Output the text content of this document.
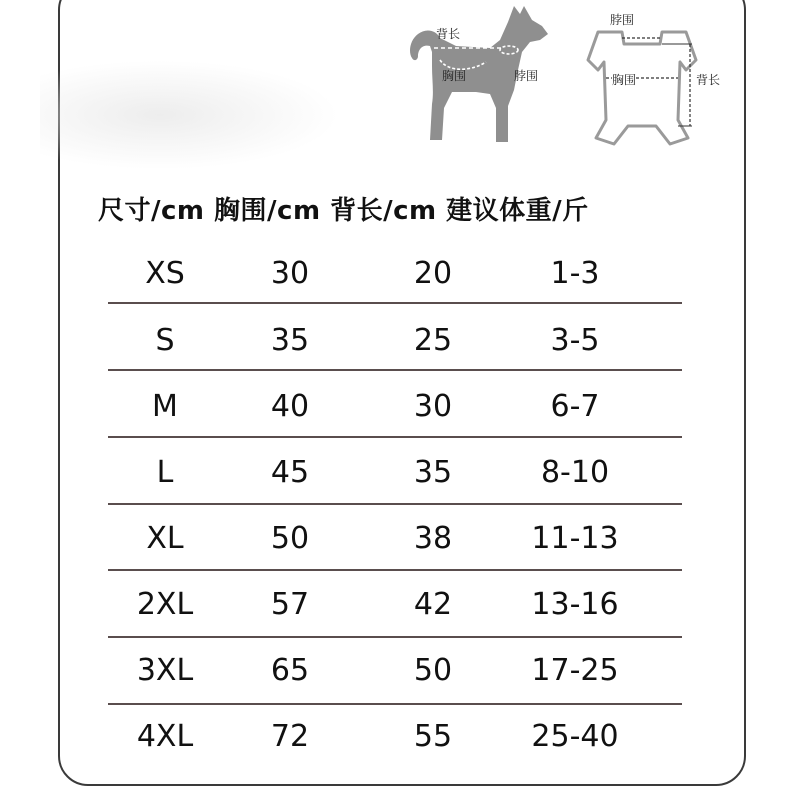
背长
胸围	脖围
脖围
胸围	背长
尺寸/cm 胸围/cm 背长/cm 建议体重/斤
XS	30	20	1-3
S	35	25	3-5
M	40	30	6-7
L	45	35	8-10
XL	50	38	11-13
2XL	57	42	13-16
3XL	65	50	17-25
4XL	72	55	25-40
